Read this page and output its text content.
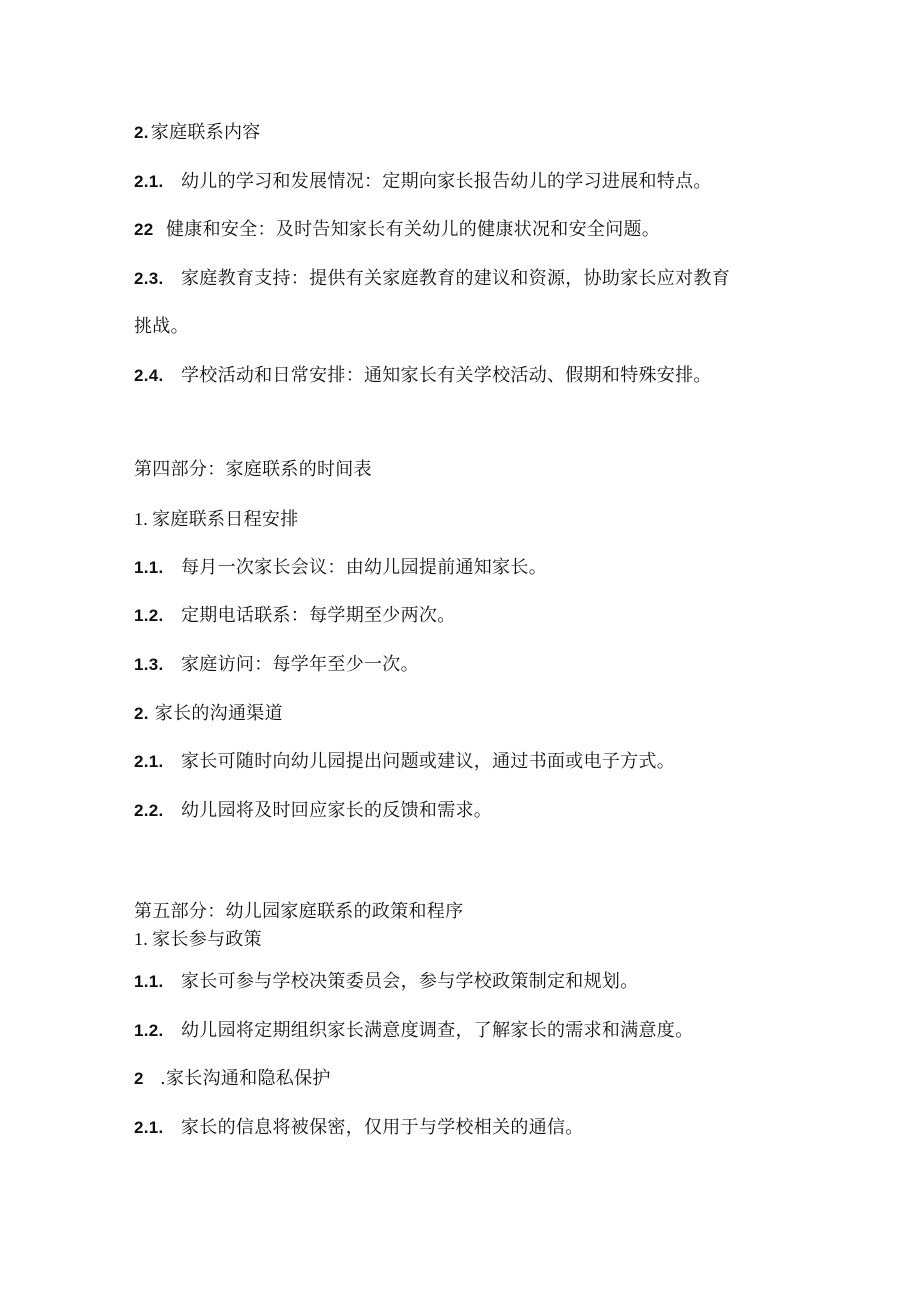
2. 家庭联系内容
2.1. 幼儿的学习和发展情况：定期向家长报告幼儿的学习进展和特点。
22 健康和安全：及时告知家长有关幼儿的健康状况和安全问题。
2.3. 家庭教育支持：提供有关家庭教育的建议和资源，协助家长应对教育
挑战。
2.4. 学校活动和日常安排：通知家长有关学校活动、假期和特殊安排。
第四部分：家庭联系的时间表
1. 家庭联系日程安排
1.1. 每月一次家长会议：由幼儿园提前通知家长。
1.2. 定期电话联系：每学期至少两次。
1.3. 家庭访问：每学年至少一次。
2. 家长的沟通渠道
2.1. 家长可随时向幼儿园提出问题或建议，通过书面或电子方式。
2.2. 幼儿园将及时回应家长的反馈和需求。
第五部分：幼儿园家庭联系的政策和程序
1. 家长参与政策
1.1. 家长可参与学校决策委员会，参与学校政策制定和规划。
1.2. 幼儿园将定期组织家长满意度调查，了解家长的需求和满意度。
2 .家长沟通和隐私保护
2.1. 家长的信息将被保密，仅用于与学校相关的通信。
